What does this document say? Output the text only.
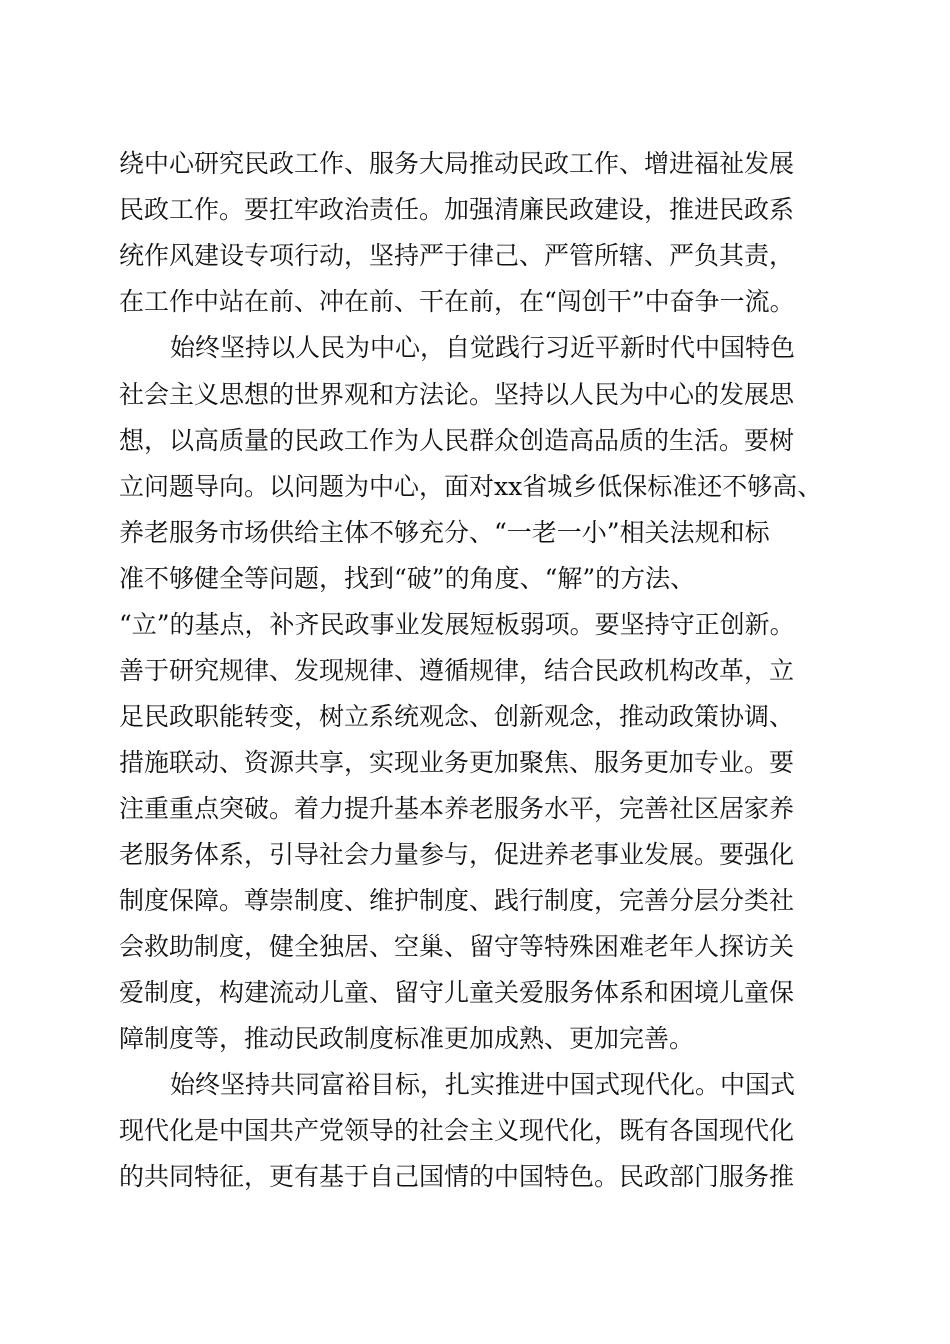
绕中心研究民政工作、服务大局推动民政工作、增进福祉发展
民政工作。要扛牢政治责任。加强清廉民政建设，推进民政系
统作风建设专项行动，坚持严于律己、严管所辖、严负其责，
在工作中站在前、冲在前、干在前，在“闯创干”中奋争一流。
始终坚持以人民为中心，自觉践行习近平新时代中国特色
社会主义思想的世界观和方法论。坚持以人民为中心的发展思
想，以高质量的民政工作为人民群众创造高品质的生活。要树
立问题导向。以问题为中心，面对xx省城乡低保标准还不够高、
养老服务市场供给主体不够充分、“一老一小”相关法规和标
准不够健全等问题，找到“破”的角度、“解”的方法、
“立”的基点，补齐民政事业发展短板弱项。要坚持守正创新。
善于研究规律、发现规律、遵循规律，结合民政机构改革，立
足民政职能转变，树立系统观念、创新观念，推动政策协调、
措施联动、资源共享，实现业务更加聚焦、服务更加专业。要
注重重点突破。着力提升基本养老服务水平，完善社区居家养
老服务体系，引导社会力量参与，促进养老事业发展。要强化
制度保障。尊崇制度、维护制度、践行制度，完善分层分类社
会救助制度，健全独居、空巢、留守等特殊困难老年人探访关
爱制度，构建流动儿童、留守儿童关爱服务体系和困境儿童保
障制度等，推动民政制度标准更加成熟、更加完善。
始终坚持共同富裕目标，扎实推进中国式现代化。中国式
现代化是中国共产党领导的社会主义现代化，既有各国现代化
的共同特征，更有基于自己国情的中国特色。民政部门服务推
